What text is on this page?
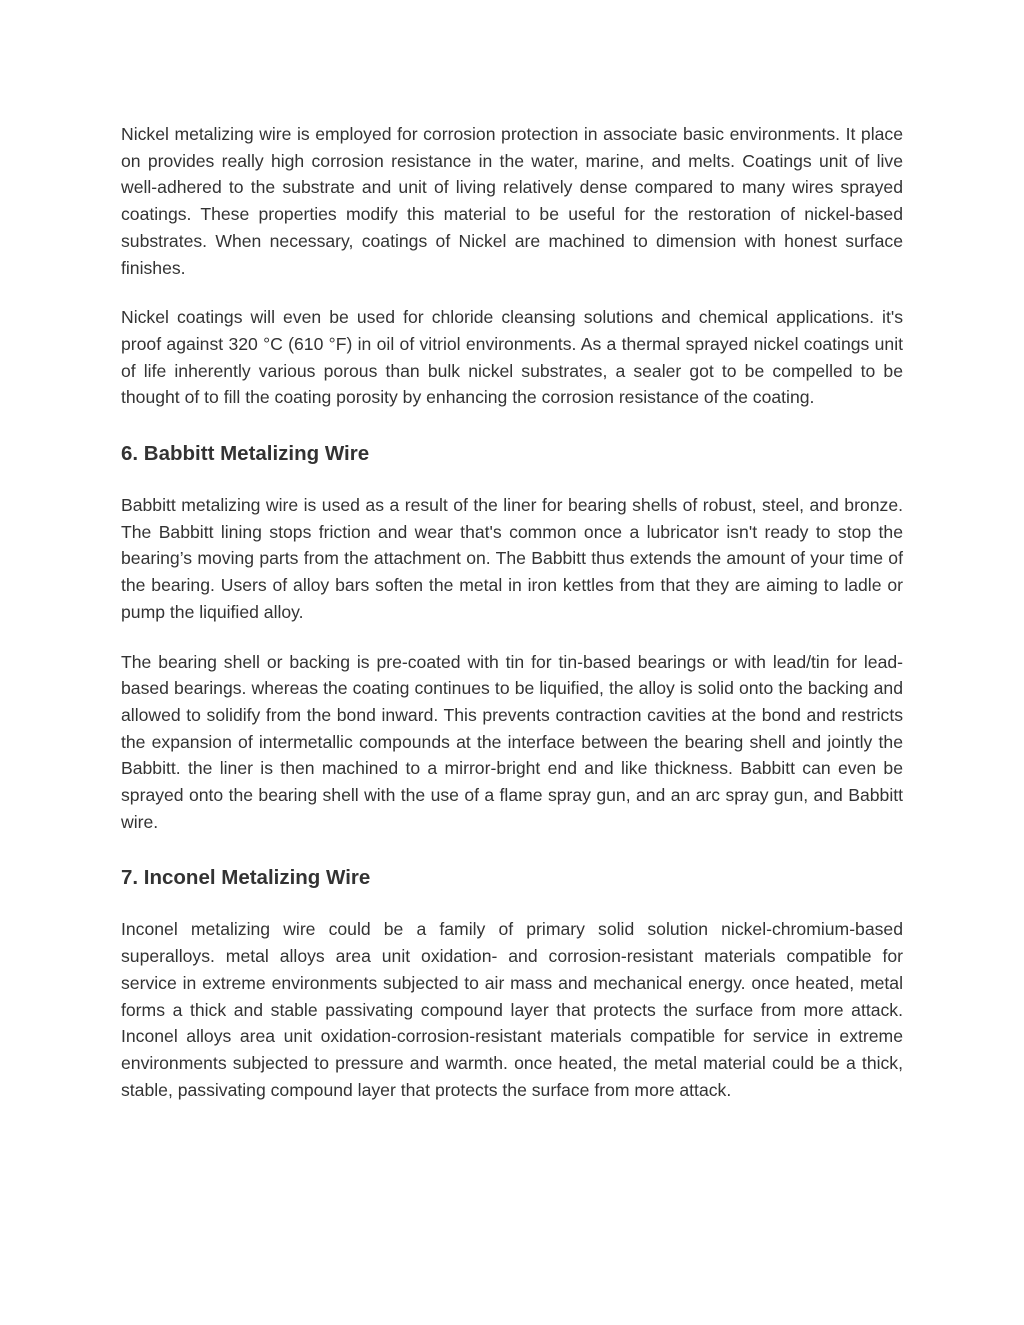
Nickel metalizing wire is employed for corrosion protection in associate basic environments. It place on provides really high corrosion resistance in the water, marine, and melts. Coatings unit of live well-adhered to the substrate and unit of living relatively dense compared to many wires sprayed coatings. These properties modify this material to be useful for the restoration of nickel-based substrates. When necessary, coatings of Nickel are machined to dimension with honest surface finishes.

Nickel coatings will even be used for chloride cleansing solutions and chemical applications. it's proof against 320 °C (610 °F) in oil of vitriol environments. As a thermal sprayed nickel coatings unit of life inherently various porous than bulk nickel substrates, a sealer got to be compelled to be thought of to fill the coating porosity by enhancing the corrosion resistance of the coating.

6. Babbitt Metalizing Wire

Babbitt metalizing wire is used as a result of the liner for bearing shells of robust, steel, and bronze. The Babbitt lining stops friction and wear that's common once a lubricator isn't ready to stop the bearing’s moving parts from the attachment on. The Babbitt thus extends the amount of your time of the bearing. Users of alloy bars soften the metal in iron kettles from that they are aiming to ladle or pump the liquified alloy.

The bearing shell or backing is pre-coated with tin for tin-based bearings or with lead/tin for lead-based bearings. whereas the coating continues to be liquified, the alloy is solid onto the backing and allowed to solidify from the bond inward. This prevents contraction cavities at the bond and restricts the expansion of intermetallic compounds at the interface between the bearing shell and jointly the Babbitt. the liner is then machined to a mirror-bright end and like thickness. Babbitt can even be sprayed onto the bearing shell with the use of a flame spray gun, and an arc spray gun, and Babbitt wire.

7. Inconel Metalizing Wire

Inconel metalizing wire could be a family of primary solid solution nickel-chromium-based superalloys. metal alloys area unit oxidation- and corrosion-resistant materials compatible for service in extreme environments subjected to air mass and mechanical energy. once heated, metal forms a thick and stable passivating compound layer that protects the surface from more attack. Inconel alloys area unit oxidation-corrosion-resistant materials compatible for service in extreme environments subjected to pressure and warmth. once heated, the metal material could be a thick, stable, passivating compound layer that protects the surface from more attack.
